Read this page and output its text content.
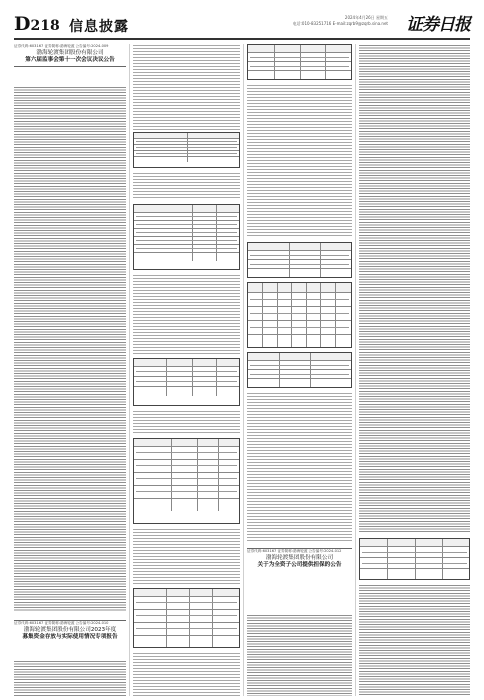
D218 信息披露
2024年4月26日 星期五
电话:010-83251716 E-mail:zqrb9@zqrb.sina.net 证券日报
证券代码:603167 证券简称:渤海轮渡 公告编号:2024-009
渤海轮渡集团股份有限公司
第六届监事会第十一次会议决议公告
证券代码:603167 证券简称:渤海轮渡 公告编号:2024-010
渤海轮渡集团股份有限公司2023年度
募集资金存放与实际使用情况专项报告
证券代码:603167 证券简称:渤海轮渡 公告编号:2024-012
渤海轮渡集团股份有限公司
关于为全资子公司提供担保的公告
